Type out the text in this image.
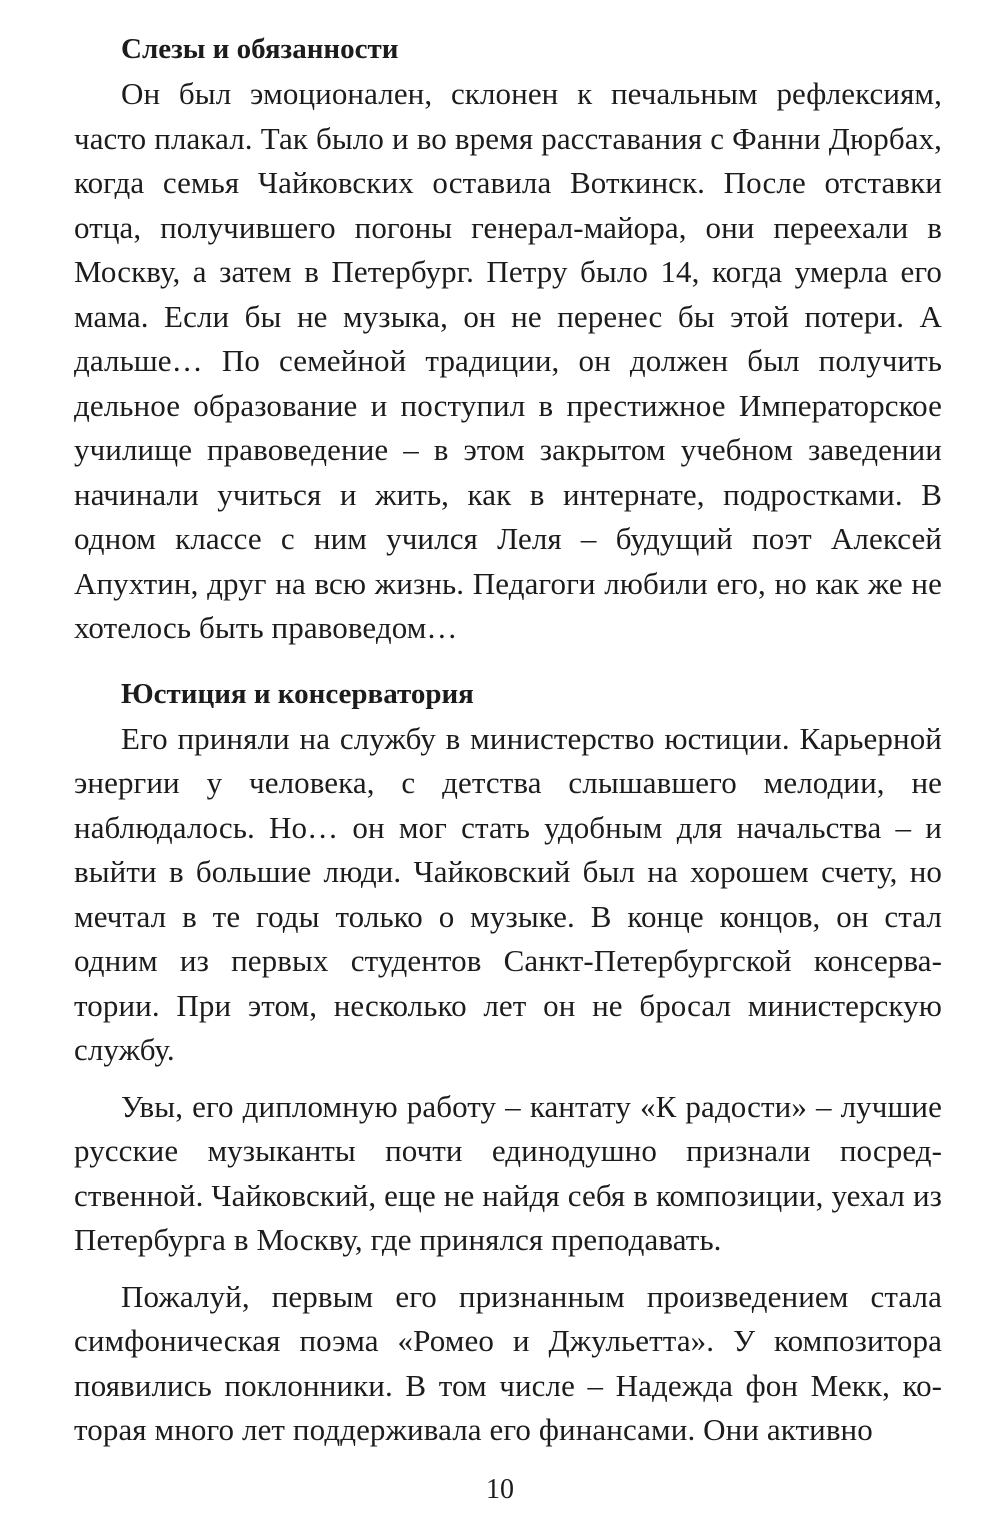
Слезы и обязанности

Он был эмоционален, склонен к печальным рефлексиям, часто плакал. Так было и во время расставания с Фанни Дюрбах, когда семья Чайковских оставила Воткинск. После отставки отца, получившего погоны генерал-майора, они переехали в Москву, а затем в Петербург. Петру было 14, когда умерла его мама. Если бы не музыка, он не перенес бы этой потери. А дальше… По семейной традиции, он должен был получить дельное образование и поступил в престижное Императорское училище правоведение – в этом закрытом учебном заведении начинали учиться и жить, как в интернате, подростками. В одном классе с ним учился Леля – будущий поэт Алексей Апухтин, друг на всю жизнь. Педагоги любили его, но как же не хотелось быть правоведом…

Юстиция и консерватория

Его приняли на службу в министерство юстиции. Карьерной энергии у человека, с детства слышавшего мелодии, не наблюдалось. Но… он мог стать удобным для начальства – и выйти в большие люди. Чайковский был на хорошем счету, но мечтал в те годы только о музыке. В конце концов, он стал одним из первых студентов Санкт-Петербургской консерватории. При этом, несколько лет он не бросал министерскую службу.

Увы, его дипломную работу – кантату «К радости» – лучшие русские музыканты почти единодушно признали посредственной. Чайковский, еще не найдя себя в композиции, уехал из Петербурга в Москву, где принялся преподавать.

Пожалуй, первым его признанным произведением стала симфоническая поэма «Ромео и Джульетта». У композитора появились поклонники. В том числе – Надежда фон Мекк, которая много лет поддерживала его финансами. Они активно

10
